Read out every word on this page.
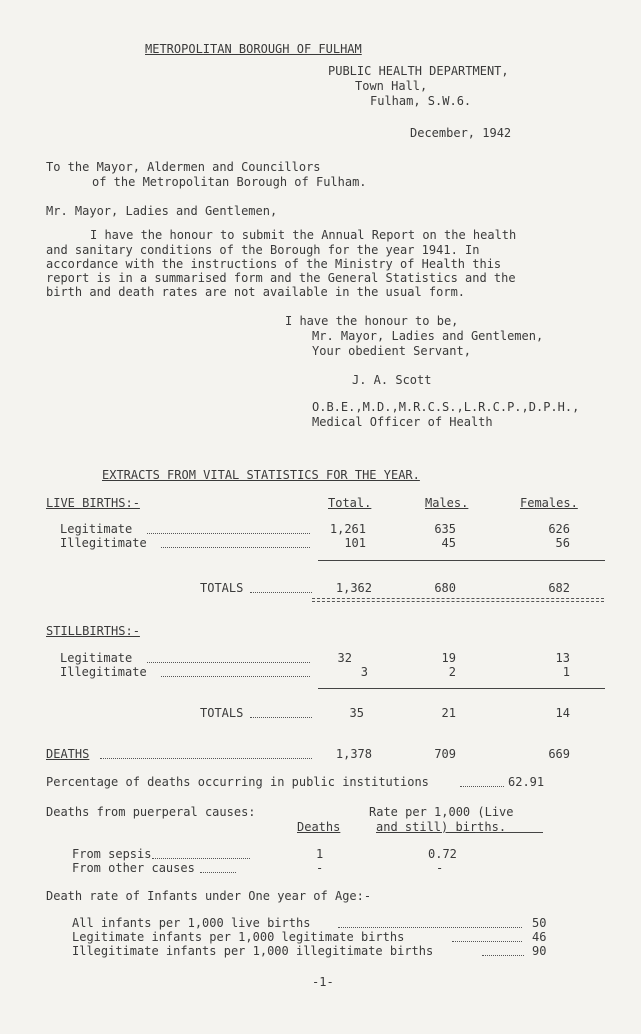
METROPOLITAN BOROUGH OF FULHAM
PUBLIC HEALTH DEPARTMENT,
Town Hall,
Fulham, S.W.6.
December, 1942
To the Mayor, Aldermen and Councillors
of the Metropolitan Borough of Fulham.
Mr. Mayor, Ladies and Gentlemen,
I have the honour to submit the Annual Report on the health
and sanitary conditions of the Borough for the year 1941. In
accordance with the instructions of the Ministry of Health this
report is in a summarised form and the General Statistics and the
birth and death rates are not available in the usual form.
I have the honour to be,
Mr. Mayor, Ladies and Gentlemen,
Your obedient Servant,
J. A. Scott
O.B.E.,M.D.,M.R.C.S.,L.R.C.P.,D.P.H.,
Medical Officer of Health
EXTRACTS FROM VITAL STATISTICS FOR THE YEAR.
LIVE BIRTHS:-	Total.	Males.	Females.
Legitimate	1,261	635	626
Illegitimate	101	45	56
TOTALS	1,362	680	682
STILLBIRTHS:-
Legitimate	32	19	13
Illegitimate	3	2	1
TOTALS	35	21	14
DEATHS	1,378	709	669
Percentage of deaths occurring in public institutions	62.91
Deaths from puerperal causes:	Rate per 1,000 (Live
Deaths	and still) births.
From sepsis	1	0.72
From other causes	-	-
Death rate of Infants under One year of Age:-
All infants per 1,000 live births	50
Legitimate infants per 1,000 legitimate births	46
Illegitimate infants per 1,000 illegitimate births	90
-1-
